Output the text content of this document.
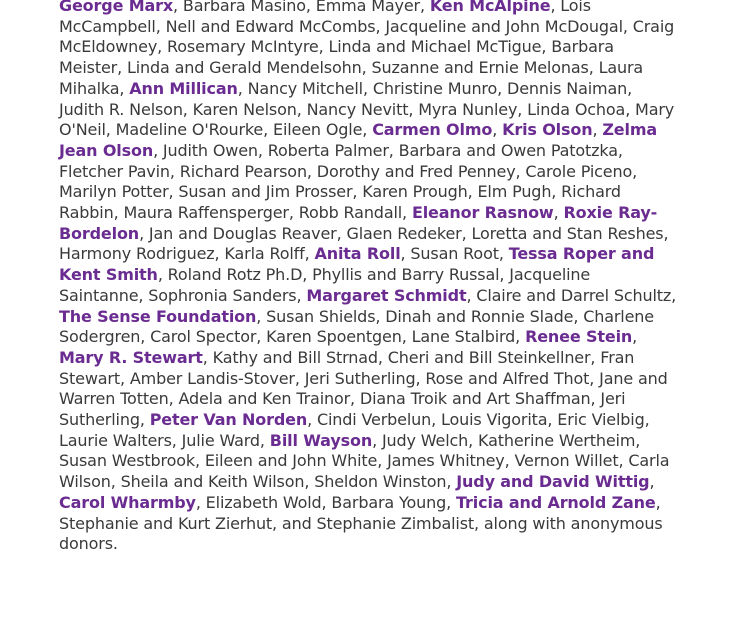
George Marx, Barbara Masino, Emma Mayer, Ken McAlpine, Lois McCampbell, Nell and Edward McCombs, Jacqueline and John McDougal, Craig McEldowney, Rosemary McIntyre, Linda and Michael McTigue, Barbara Meister, Linda and Gerald Mendelsohn, Suzanne and Ernie Melonas, Laura Mihalka, Ann Millican, Nancy Mitchell, Christine Munro, Dennis Naiman, Judith R. Nelson, Karen Nelson, Nancy Nevitt, Myra Nunley, Linda Ochoa, Mary O'Neil, Madeline O'Rourke, Eileen Ogle, Carmen Olmo, Kris Olson, Zelma Jean Olson, Judith Owen, Roberta Palmer, Barbara and Owen Patotzka, Fletcher Pavin, Richard Pearson, Dorothy and Fred Penney, Carole Piceno, Marilyn Potter, Susan and Jim Prosser, Karen Prough, Elm Pugh, Richard Rabbin, Maura Raffensperger, Robb Randall, Eleanor Rasnow, Roxie Ray-Bordelon, Jan and Douglas Reaver, Glaen Redeker, Loretta and Stan Reshes, Harmony Rodriguez, Karla Rolff, Anita Roll, Susan Root, Tessa Roper and Kent Smith, Roland Rotz Ph.D, Phyllis and Barry Russal, Jacqueline Saintanne, Sophronia Sanders, Margaret Schmidt, Claire and Darrel Schultz, The Sense Foundation, Susan Shields, Dinah and Ronnie Slade, Charlene Sodergren, Carol Spector, Karen Spoentgen, Lane Stalbird, Renee Stein, Mary R. Stewart, Kathy and Bill Strnad, Cheri and Bill Steinkellner, Fran Stewart, Amber Landis-Stover, Jeri Sutherling, Rose and Alfred Thot, Jane and Warren Totten, Adela and Ken Trainor, Diana Troik and Art Shaffman, Jeri Sutherling, Peter Van Norden, Cindi Verbelun, Louis Vigorita, Eric Vielbig, Laurie Walters, Julie Ward, Bill Wayson, Judy Welch, Katherine Wertheim, Susan Westbrook, Eileen and John White, James Whitney, Vernon Willet, Carla Wilson, Sheila and Keith Wilson, Sheldon Winston, Judy and David Wittig, Carol Wharmby, Elizabeth Wold, Barbara Young, Tricia and Arnold Zane, Stephanie and Kurt Zierhut, and Stephanie Zimbalist, along with anonymous donors.
